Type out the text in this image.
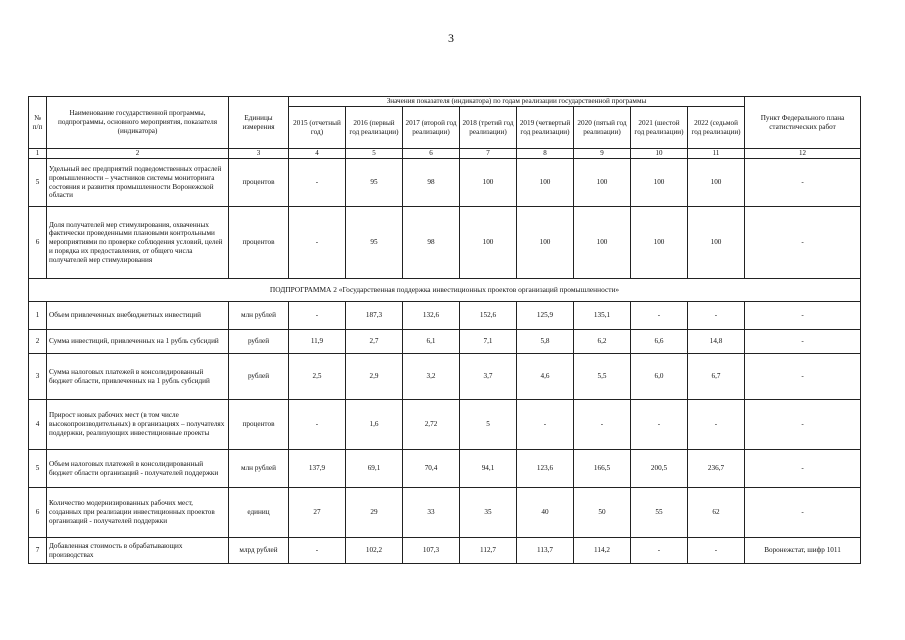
3
№ п/п	Наименование государственной программы, подпрограммы, основного мероприятия, показателя (индикатора)	Единицы измерения	Значения показателя (индикатора) по годам реализации государственной программы								Пункт Федерального плана статистических работ
			2015 (отчетный год)	2016 (первый год реализации)	2017 (второй год реализации)	2018 (третий год реализации)	2019 (четвертый год реализации)	2020 (пятый год реализации)	2021 (шестой год реализации)	2022 (седьмой год реализации)	
1	2	3	4	5	6	7	8	9	10	11	12
5	Удельный вес предприятий подведомственных отраслей промышленности – участников системы мониторинга состояния и развития промышленности Воронежской области	процентов	-	95	98	100	100	100	100	100	-
6	Доля получателей мер стимулирования, охваченных фактически проведенными плановыми контрольными мероприятиями по проверке соблюдения условий, целей и порядка их предоставления, от общего числа получателей мер стимулирования	процентов	-	95	98	100	100	100	100	100	-
ПОДПРОГРАММА 2 «Государственная поддержка инвестиционных проектов организаций промышленности»											
1	Объем привлеченных внебюджетных инвестиций	млн рублей	-	187,3	132,6	152,6	125,9	135,1	-	-	-
2	Сумма инвестиций, привлеченных на 1 рубль субсидий	рублей	11,9	2,7	6,1	7,1	5,8	6,2	6,6	14,8	-
3	Сумма налоговых платежей в консолидированный бюджет области, привлеченных на 1 рубль субсидий	рублей	2,5	2,9	3,2	3,7	4,6	5,5	6,0	6,7	-
4	Прирост новых рабочих мест (в том числе высокопроизводительных) в организациях – получателях поддержки, реализующих инвестиционные проекты	процентов	-	1,6	2,72	5	-	-	-	-	-
5	Объем налоговых платежей в консолидированный бюджет области организаций - получателей поддержки	млн рублей	137,9	69,1	70,4	94,1	123,6	166,5	200,5	236,7	-
6	Количество модернизированных рабочих мест, созданных при реализации инвестиционных проектов организаций - получателей поддержки	единиц	27	29	33	35	40	50	55	62	-
7	Добавленная стоимость в обрабатывающих производствах	млрд рублей	-	102,2	107,3	112,7	113,7	114,2	-	-	Воронежстат, шифр 1011
